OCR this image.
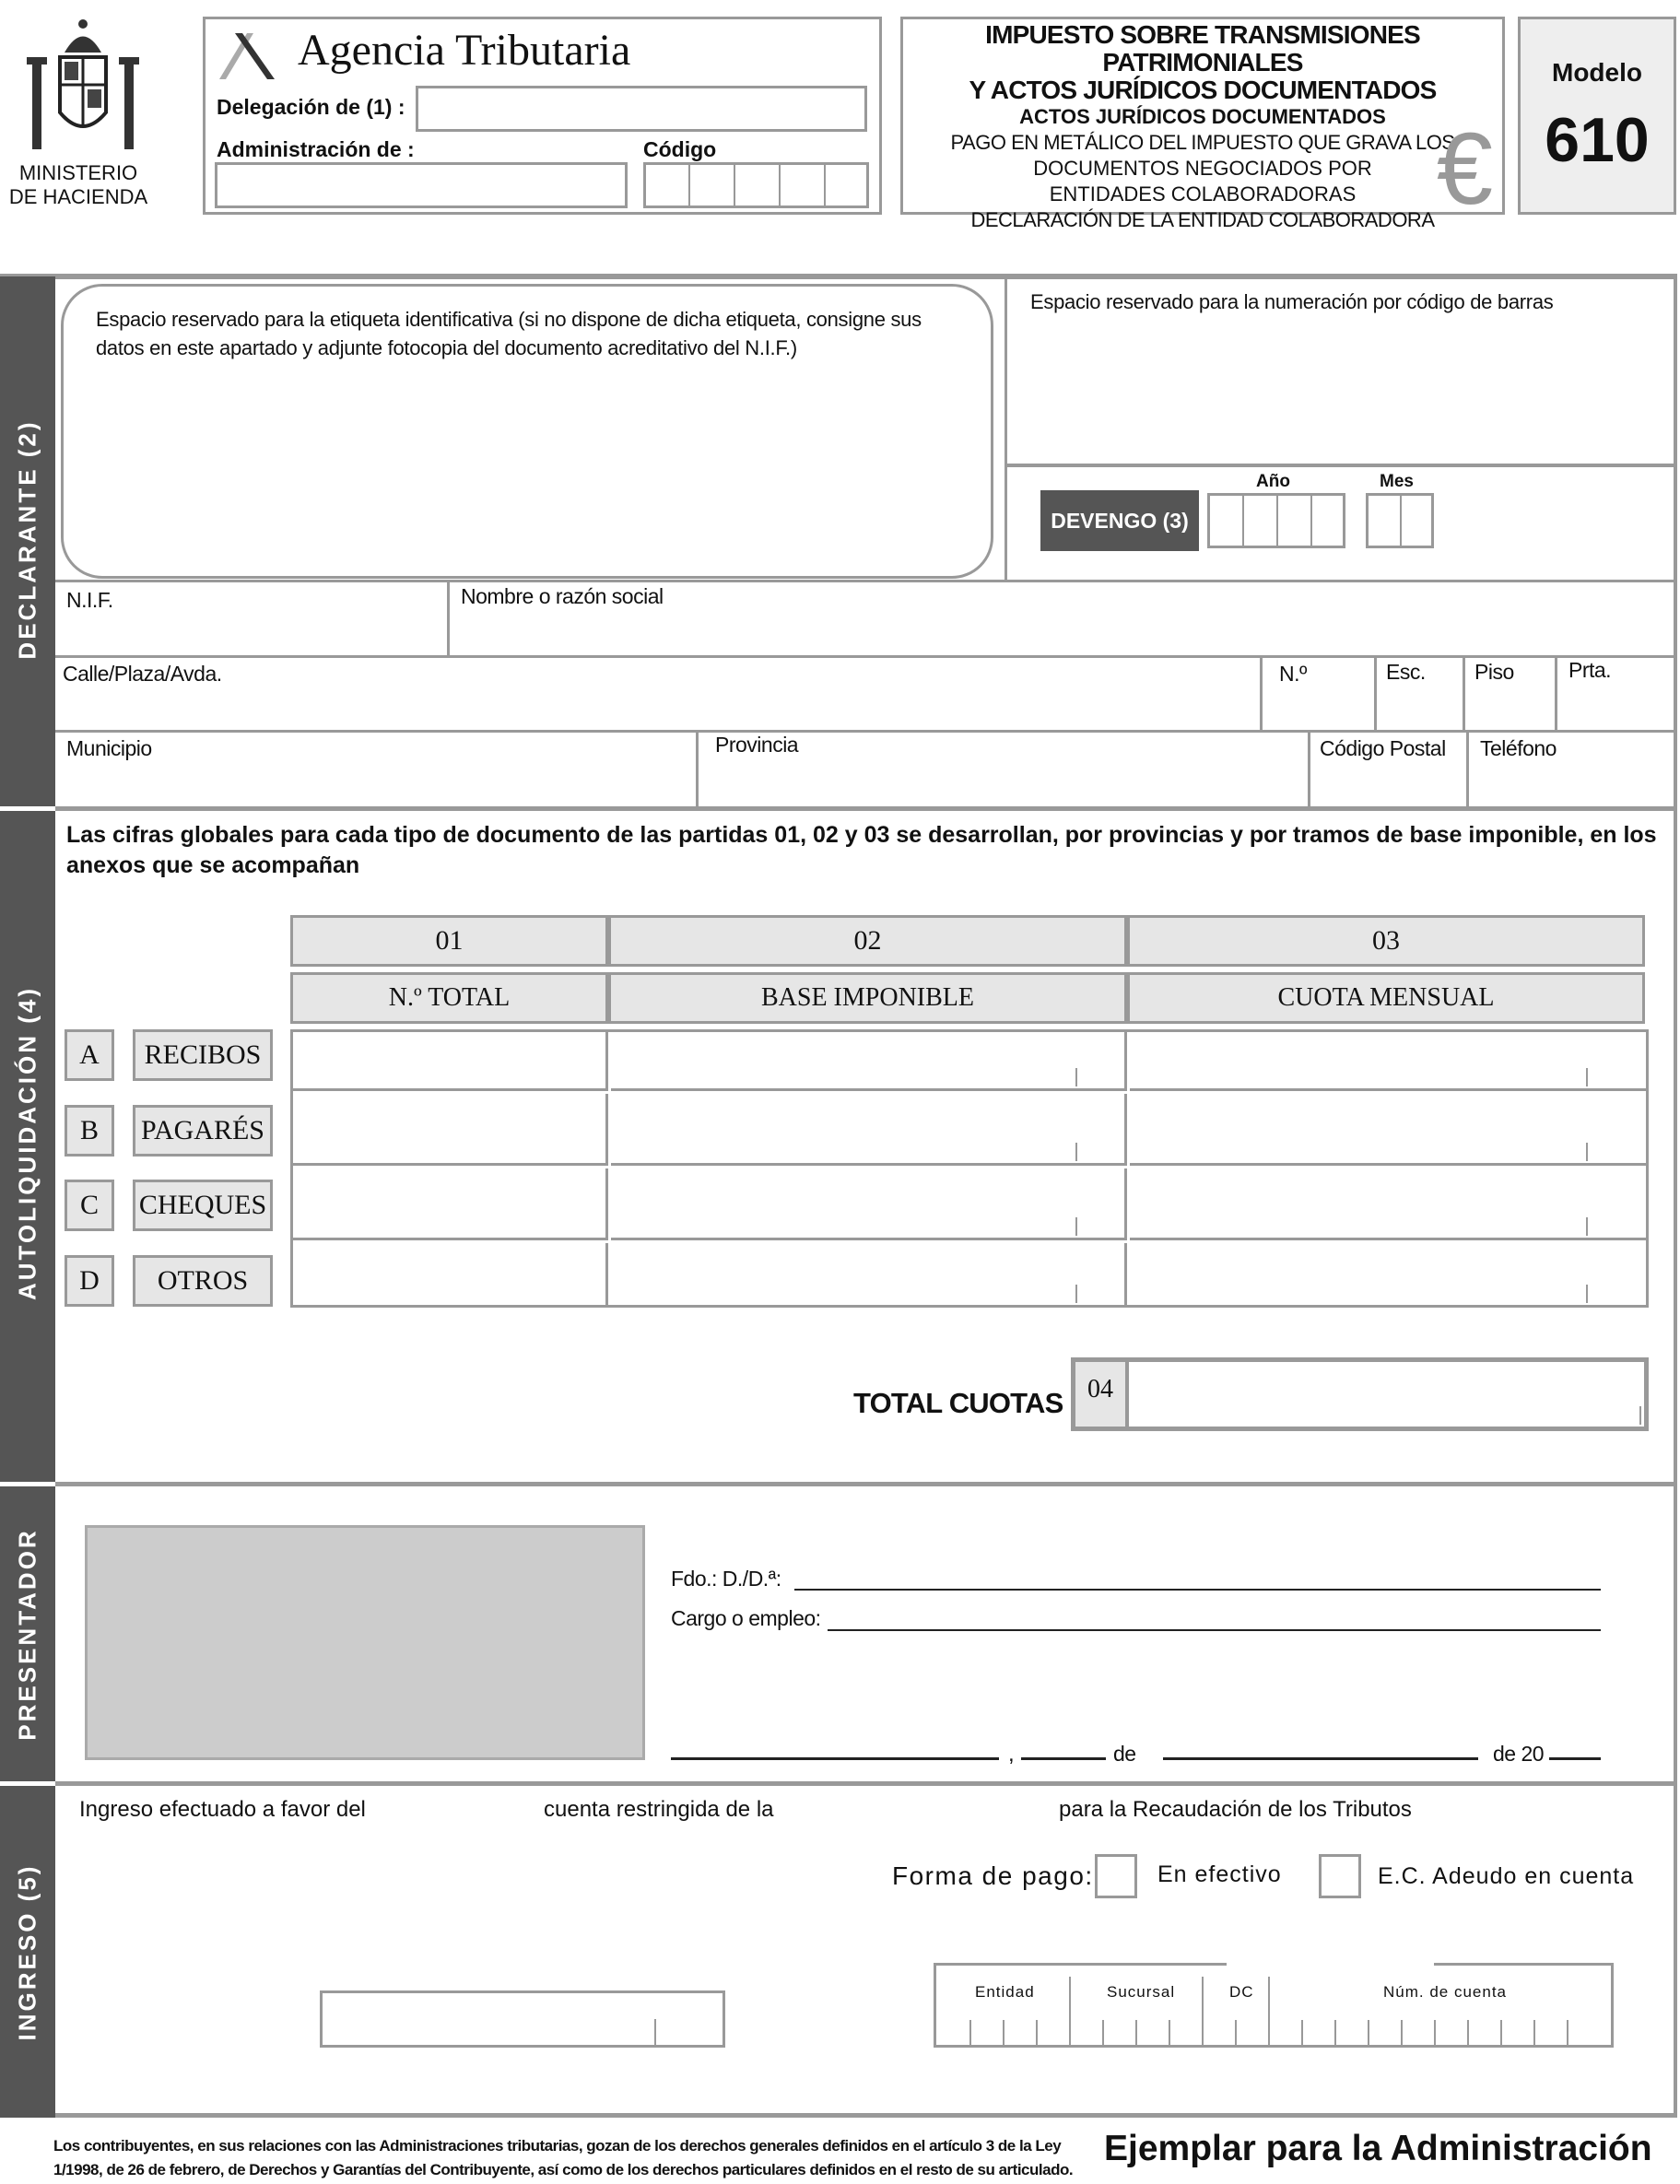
MINISTERIO
DE HACIENDA
Agencia Tributaria
Delegación de (1) :
Administración de :	Código
IMPUESTO SOBRE TRANSMISIONES PATRIMONIALES
Y ACTOS JURÍDICOS DOCUMENTADOS
ACTOS JURÍDICOS DOCUMENTADOS
PAGO EN METÁLICO DEL IMPUESTO QUE GRAVA LOS
DOCUMENTOS NEGOCIADOS POR
ENTIDADES COLABORADORAS
DECLARACIÓN DE LA ENTIDAD COLABORADORA €
Modelo
610
DECLARANTE (2)
AUTOLIQUIDACIÓN (4)
PRESENTADOR
INGRESO (5)
Espacio reservado para la etiqueta identificativa (si no dispone de dicha etiqueta, consigne sus datos en este apartado y adjunte fotocopia del documento acreditativo del N.I.F.)
Espacio reservado para la numeración por código de barras
DEVENGO (3)
Año	Mes
N.I.F.	Nombre o razón social
Calle/Plaza/Avda.	N.º	Esc. Piso	Prta.
Municipio	Provincia	Código Postal Teléfono
Las cifras globales para cada tipo de documento de las partidas 01, 02 y 03 se desarrollan, por provincias y por tramos de base imponible, en los anexos que se acompañan
01	02	03
N.º TOTAL	BASE IMPONIBLE	CUOTA MENSUAL
A	RECIBOS
B	PAGARÉS
C	CHEQUES
D	OTROS
TOTAL CUOTAS 04
Fdo.: D./D.ª:
Cargo o empleo:
,	de	de 20
Ingreso efectuado a favor del	cuenta restringida de la	para la Recaudación de los Tributos
Forma de pago:	En efectivo	E.C. Adeudo en cuenta
Entidad	Sucursal	DC	Núm. de cuenta
Los contribuyentes, en sus relaciones con las Administraciones tributarias, gozan de los derechos generales definidos en el artículo 3 de la Ley 1/1998, de 26 de febrero, de Derechos y Garantías del Contribuyente, así como de los derechos particulares definidos en el resto de su articulado.
Ejemplar para la Administración
